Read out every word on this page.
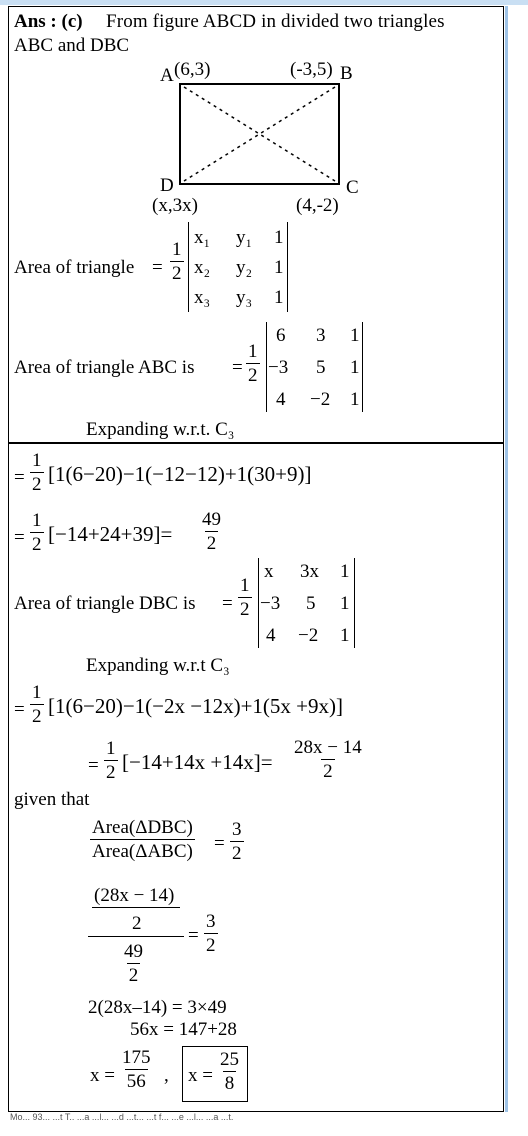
Ans : (c) From figure ABCD in divided two triangles
ABC and DBC
A (6,3)	(-3,5) B
D
(x,3x)
C
(4,-2)
Area of triangle = $\frac{1}{2}$
x₁ y₁ 1
x₂ y₂ 1
x₃ y₃ 1
Area of triangle ABC is = $\frac{1}{2}$
6 3 1
−3 5 1
4 −2 1
Expanding w.r.t. C₃
= $\frac{1}{2} [1(6-20)-1(-12-12)+1(30+9)]$
= $\frac{1}{2} [-14+24+39]= \frac{49}{2}$
Area of triangle DBC is = $\frac{1}{2}$
x 3x 1
−3 5 1
4 −2 1
Expanding w.r.t C₃
= $\frac{1}{2} [1(6-20)-1(-2x -12x)+1(5x +9x)]$
= $\frac{1}{2} [-14+14x +14x]= \frac{28x - 14}{2}$
given that
Area(ΔDBC)
Area(ΔABC) = $\frac{3}{2}$
(28x − 14)
2
$\frac{49}{2}$
= $\frac{3}{2}$
2(28x–14) = 3×49
56x = 147+28
$x = \frac{175}{56}$ , $x = \frac{25}{8}$
Mo... 93... ...t T.. ...a ...l... ...d ...t... ...t f... ...e ...l... ...a ...t.
